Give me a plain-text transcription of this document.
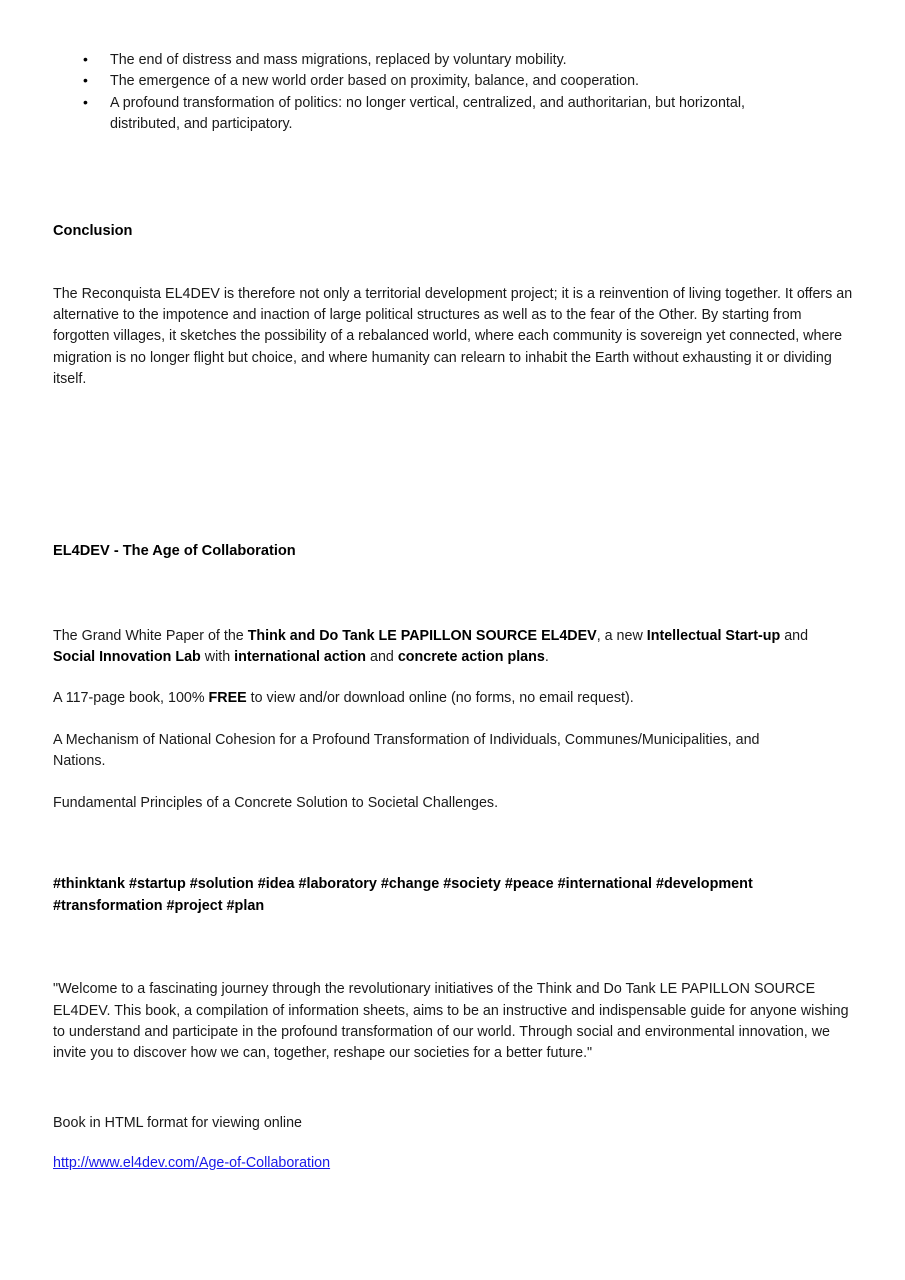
• The end of distress and mass migrations, replaced by voluntary mobility.
• The emergence of a new world order based on proximity, balance, and cooperation.
• A profound transformation of politics: no longer vertical, centralized, and authoritarian, but horizontal, distributed, and participatory.
Conclusion

The Reconquista EL4DEV is therefore not only a territorial development project; it is a reinvention of living together. It offers an alternative to the impotence and inaction of large political structures as well as to the fear of the Other. By starting from forgotten villages, it sketches the possibility of a rebalanced world, where each community is sovereign yet connected, where migration is no longer flight but choice, and where humanity can relearn to inhabit the Earth without exhausting it or dividing itself.

EL4DEV - The Age of Collaboration

The Grand White Paper of the Think and Do Tank LE PAPILLON SOURCE EL4DEV, a new Intellectual Start-up and Social Innovation Lab with international action and concrete action plans.

A 117-page book, 100% FREE to view and/or download online (no forms, no email request).

A Mechanism of National Cohesion for a Profound Transformation of Individuals, Communes/Municipalities, and Nations.

Fundamental Principles of a Concrete Solution to Societal Challenges.

#thinktank #startup #solution #idea #laboratory #change #society #peace #international #development #transformation #project #plan

"Welcome to a fascinating journey through the revolutionary initiatives of the Think and Do Tank LE PAPILLON SOURCE EL4DEV. This book, a compilation of information sheets, aims to be an instructive and indispensable guide for anyone wishing to understand and participate in the profound transformation of our world. Through social and environmental innovation, we invite you to discover how we can, together, reshape our societies for a better future."

Book in HTML format for viewing online

http://www.el4dev.com/Age-of-Collaboration
